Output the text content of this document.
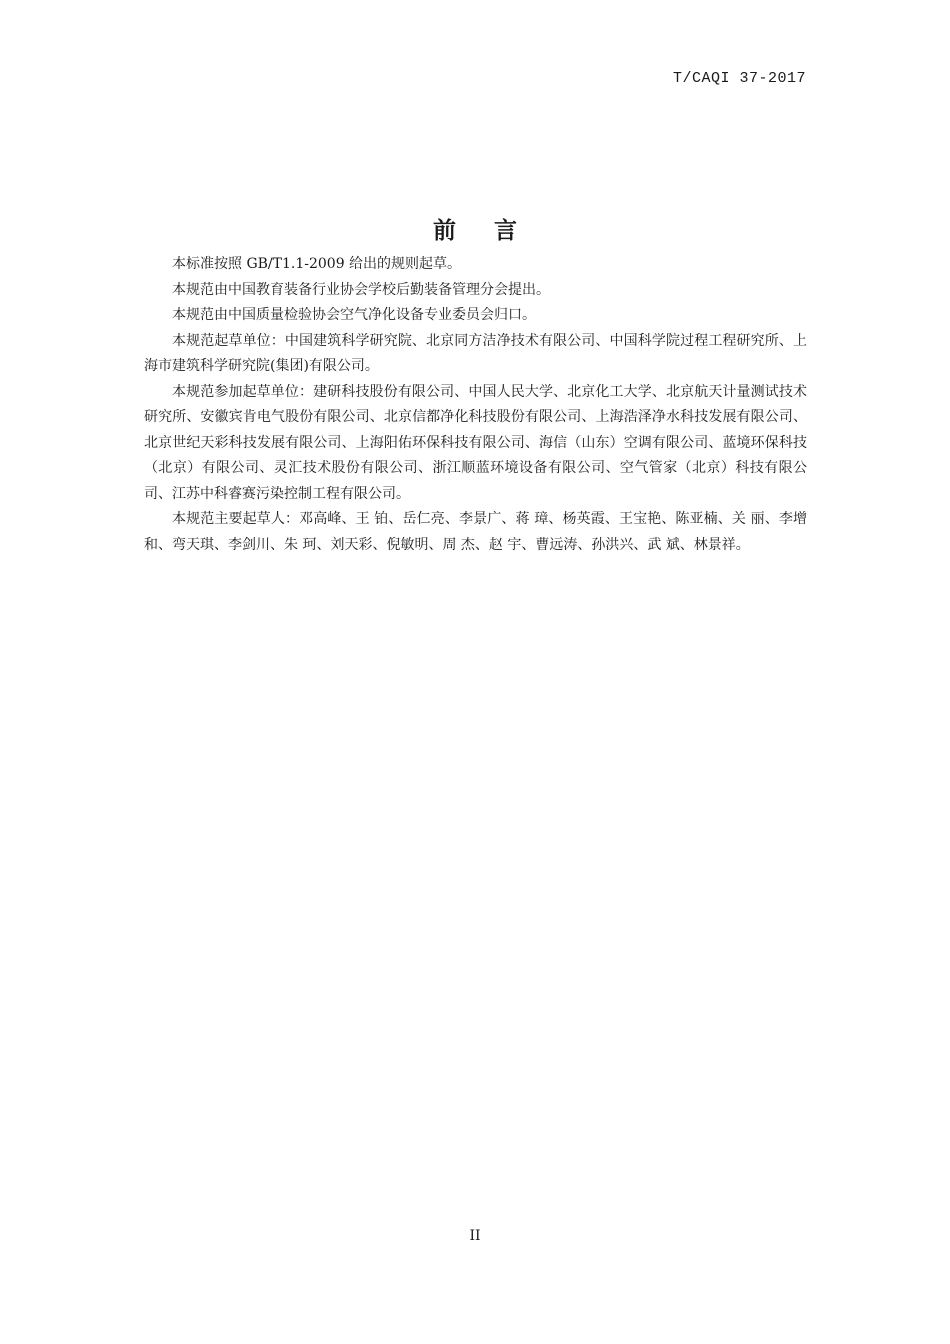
T/CAQI 37-2017
前言

本标准按照 GB/T1.1-2009 给出的规则起草。

本规范由中国教育装备行业协会学校后勤装备管理分会提出。

本规范由中国质量检验协会空气净化设备专业委员会归口。

本规范起草单位：中国建筑科学研究院、北京同方洁净技术有限公司、中国科学院过程工程研究所、上海市建筑科学研究院(集团)有限公司。

本规范参加起草单位：建研科技股份有限公司、中国人民大学、北京化工大学、北京航天计量测试技术研究所、安徽宾肯电气股份有限公司、北京信都净化科技股份有限公司、上海浩泽净水科技发展有限公司、北京世纪天彩科技发展有限公司、上海阳佑环保科技有限公司、海信（山东）空调有限公司、蓝境环保科技（北京）有限公司、灵汇技术股份有限公司、浙江顺蓝环境设备有限公司、空气管家（北京）科技有限公司、江苏中科睿赛污染控制工程有限公司。

本规范主要起草人：邓高峰、王 铂、岳仁亮、李景广、蒋 璋、杨英霞、王宝艳、陈亚楠、关 丽、李增和、弯天琪、李剑川、朱 珂、刘天彩、倪敏明、周 杰、赵 宇、曹远涛、孙洪兴、武 斌、林景祥。

II
